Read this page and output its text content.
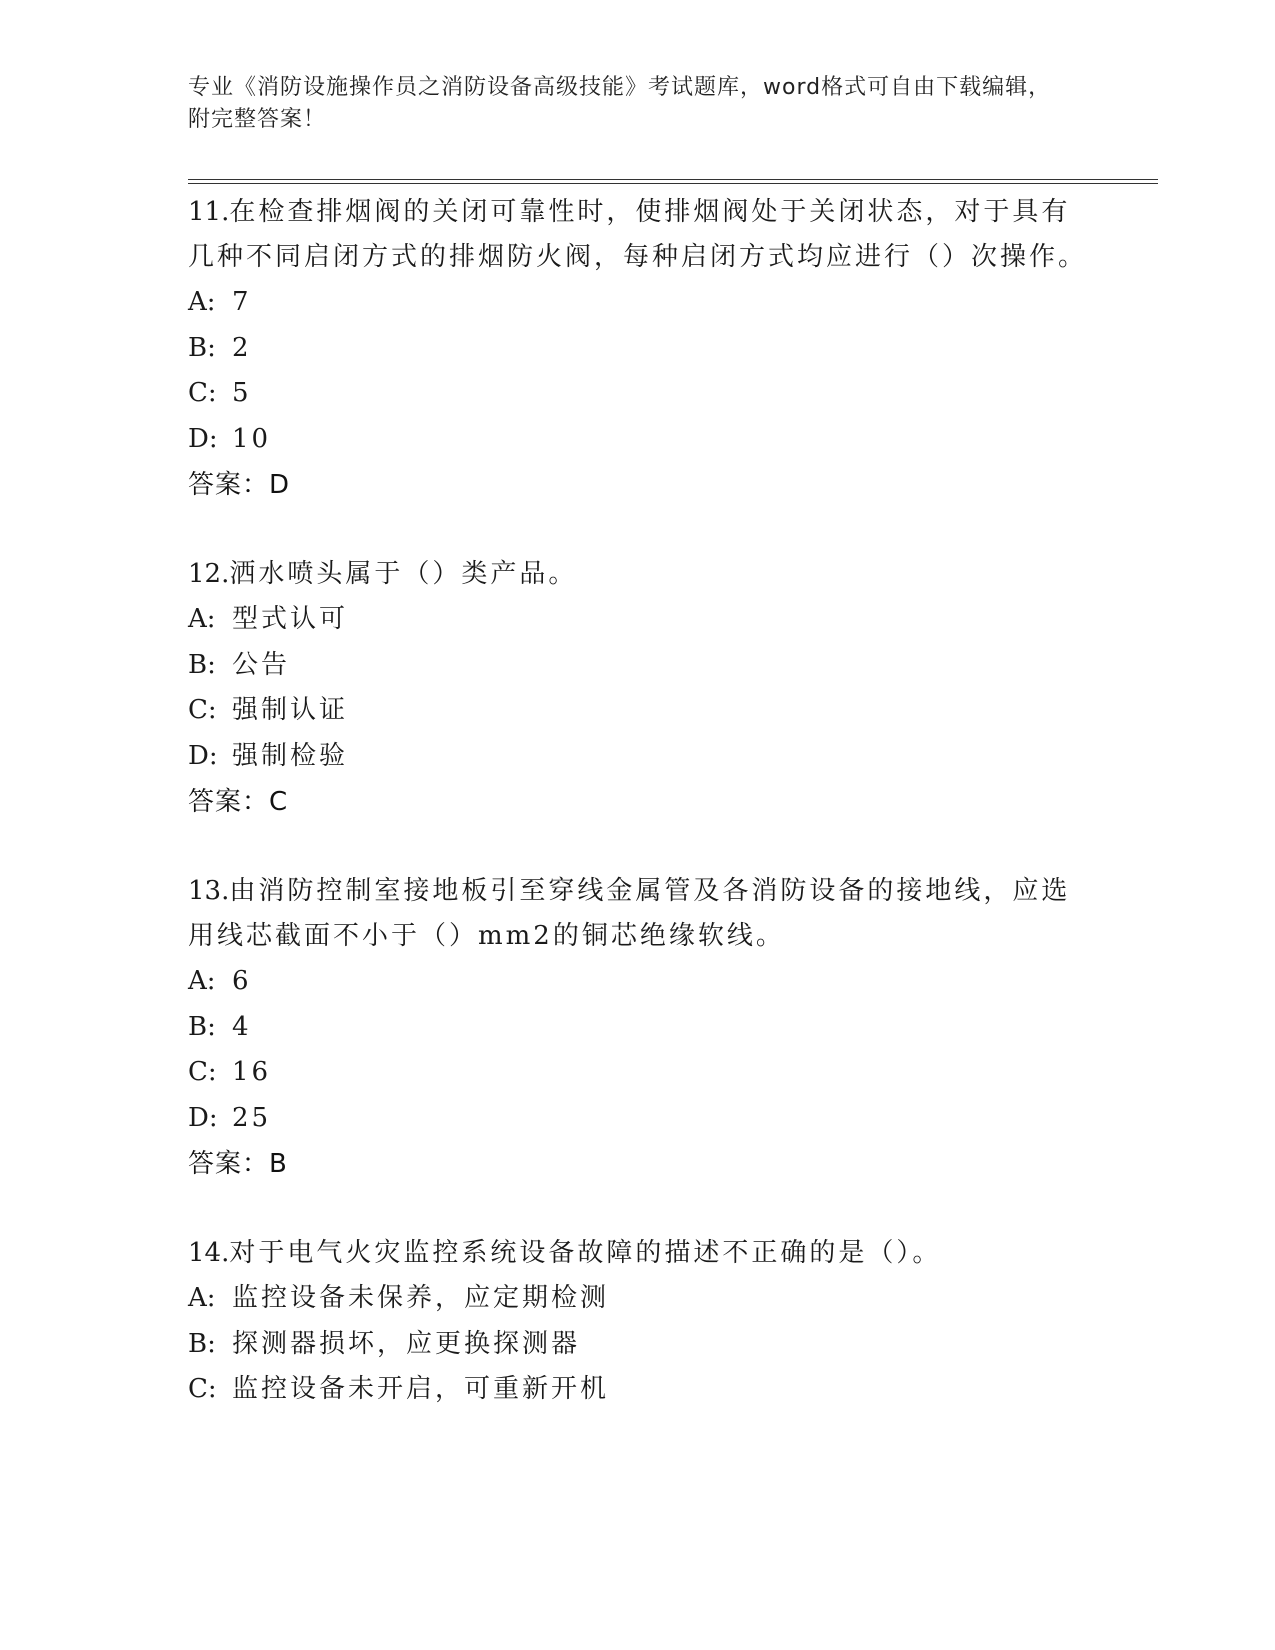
专业《消防设施操作员之消防设备高级技能》考试题库，word格式可自由下载编辑，附完整答案！

11.在检查排烟阀的关闭可靠性时，使排烟阀处于关闭状态，对于具有几种不同启闭方式的排烟防火阀，每种启闭方式均应进行（）次操作。

A: 7

B: 2

C: 5

D: 10

答案：D

12.洒水喷头属于（）类产品。

A: 型式认可

B: 公告

C: 强制认证

D: 强制检验

答案：C

13.由消防控制室接地板引至穿线金属管及各消防设备的接地线，应选用线芯截面不小于（）mm2的铜芯绝缘软线。

A: 6

B: 4

C: 16

D: 25

答案：B

14.对于电气火灾监控系统设备故障的描述不正确的是（）。

A: 监控设备未保养，应定期检测

B: 探测器损坏，应更换探测器

C: 监控设备未开启，可重新开机
